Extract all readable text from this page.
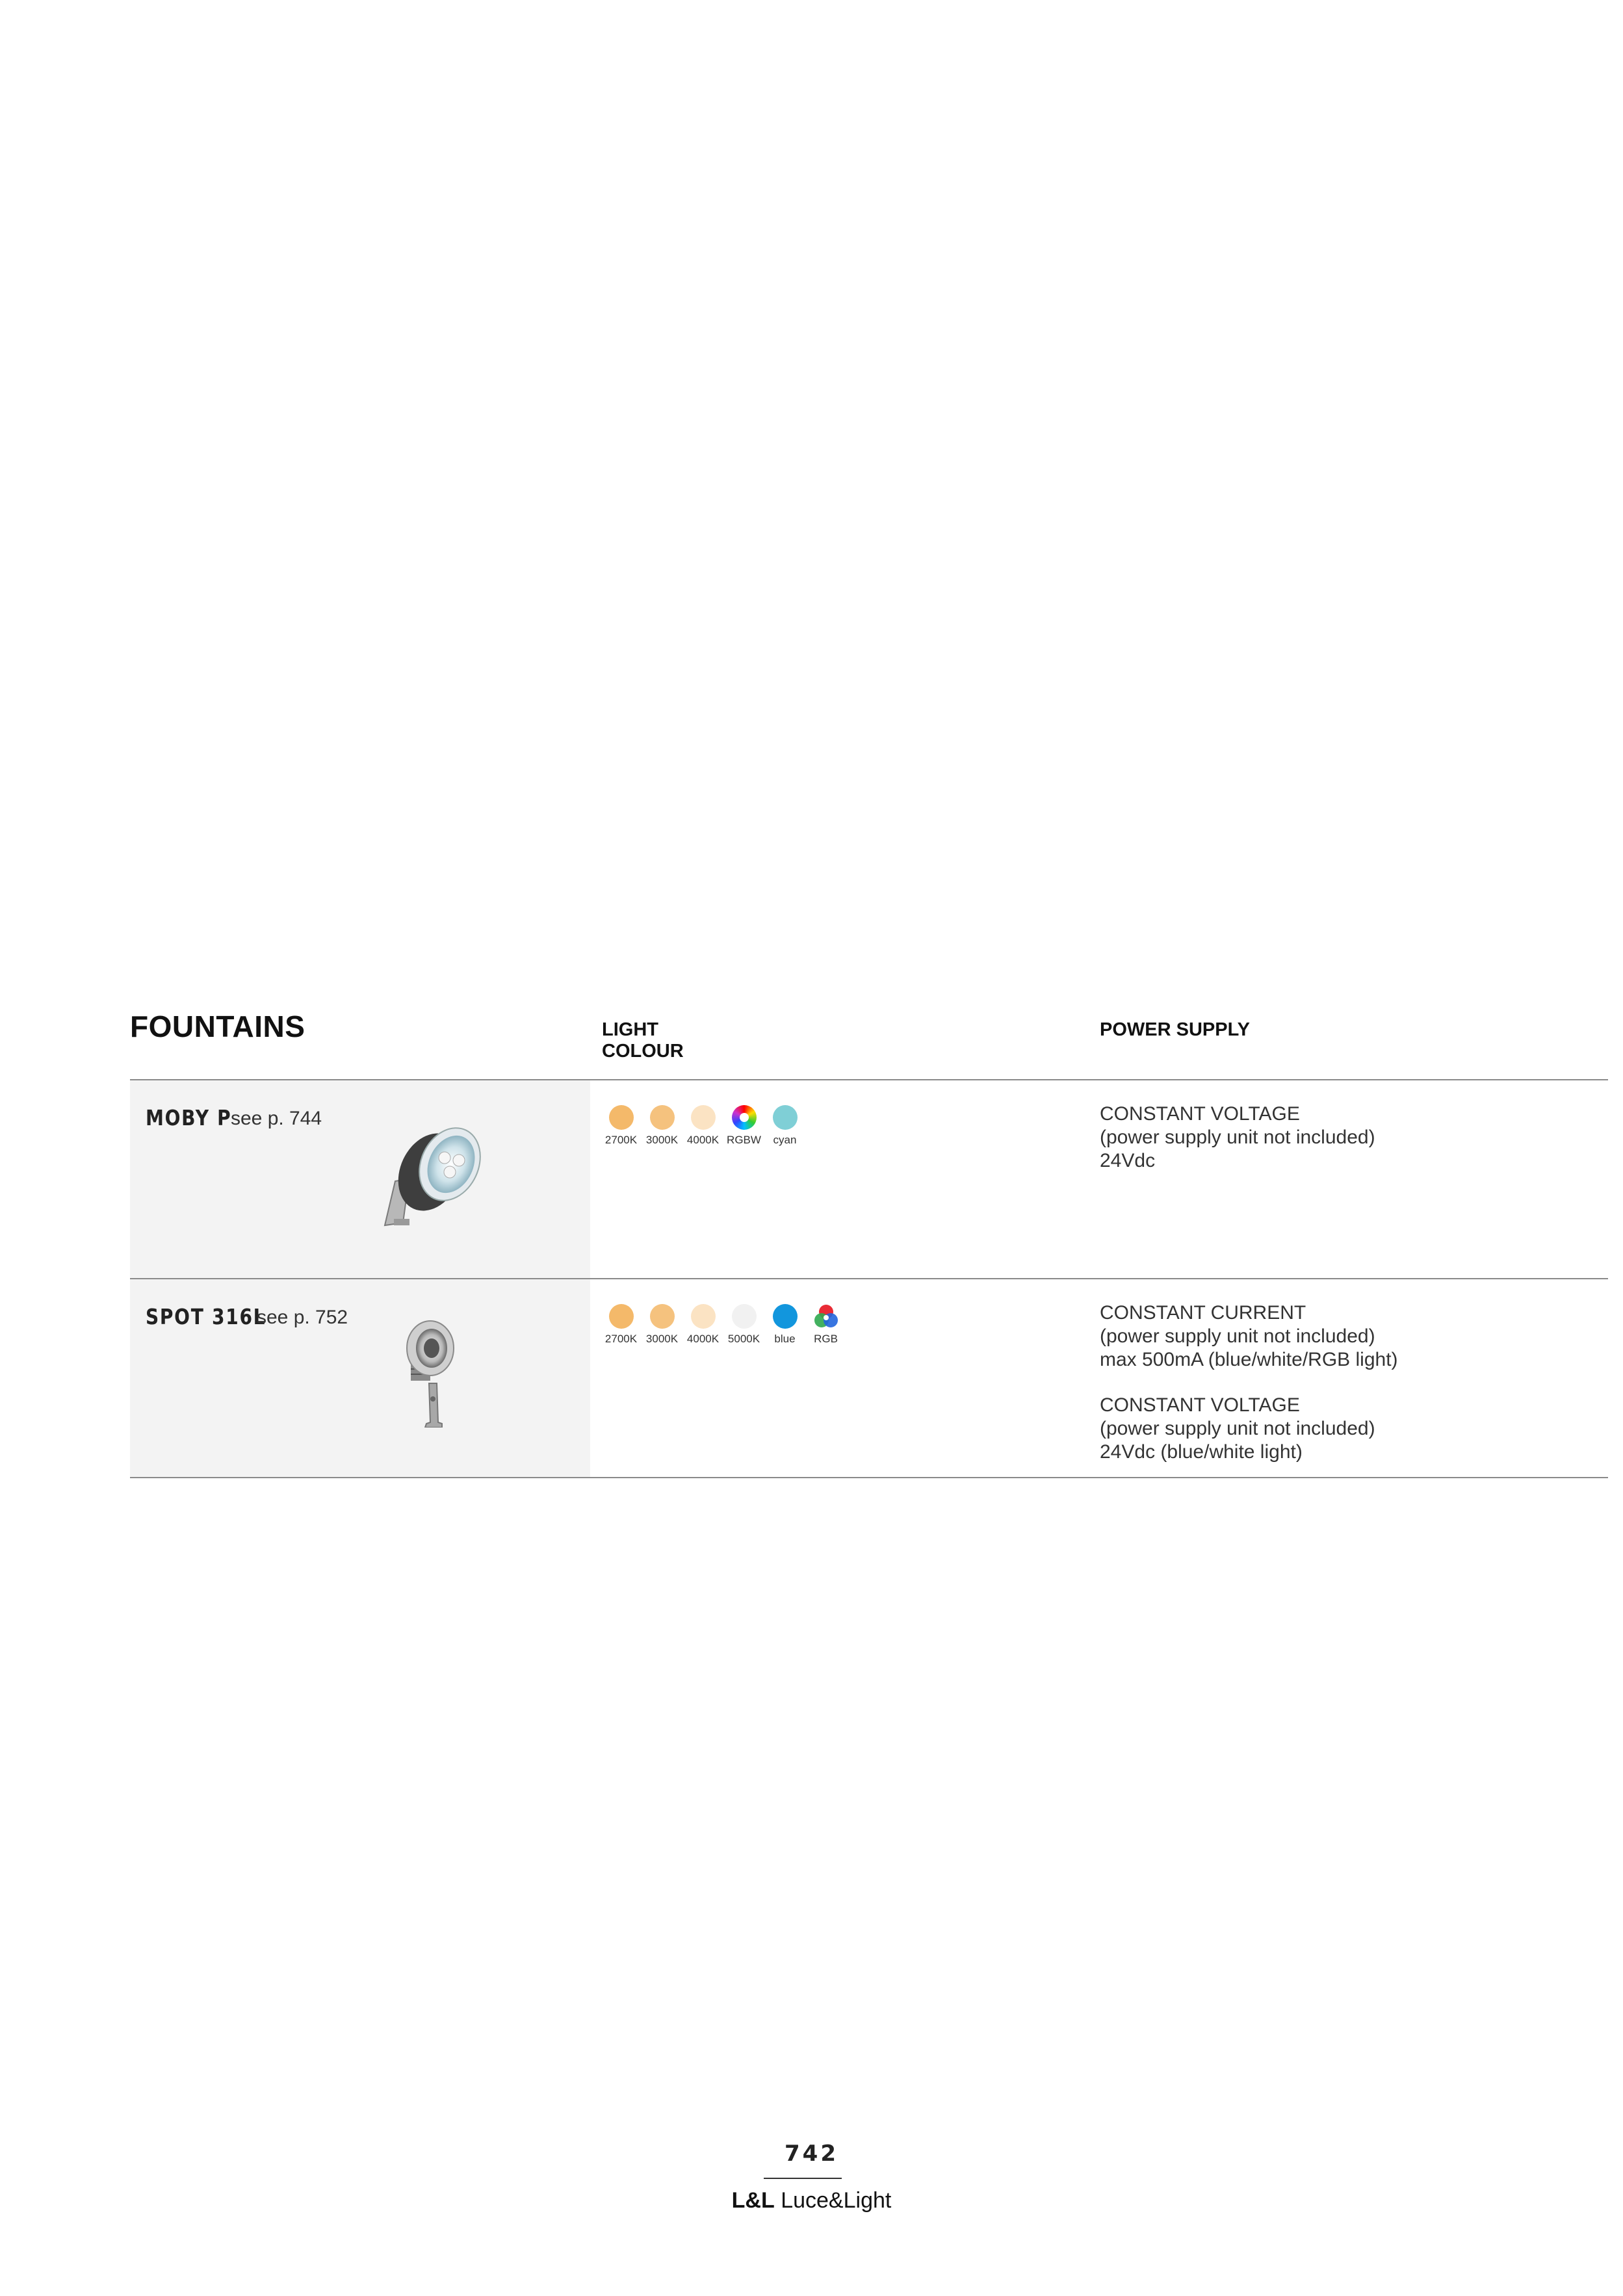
FOUNTAINS	LIGHT
COLOUR
POWER SUPPLY
MOBY P
see p. 744
2700K 3000K 4000K RGBW cyan

CONSTANT VOLTAGE

(power supply unit not included)

24Vdc

SPOT 316L
see p. 752
2700K 3000K 4000K 5000K blue RGB

CONSTANT CURRENT

(power supply unit not included)

max 500mA (blue/white/RGB light)

CONSTANT VOLTAGE

(power supply unit not included)

24Vdc (blue/white light)

742
L&L Luce&Light
